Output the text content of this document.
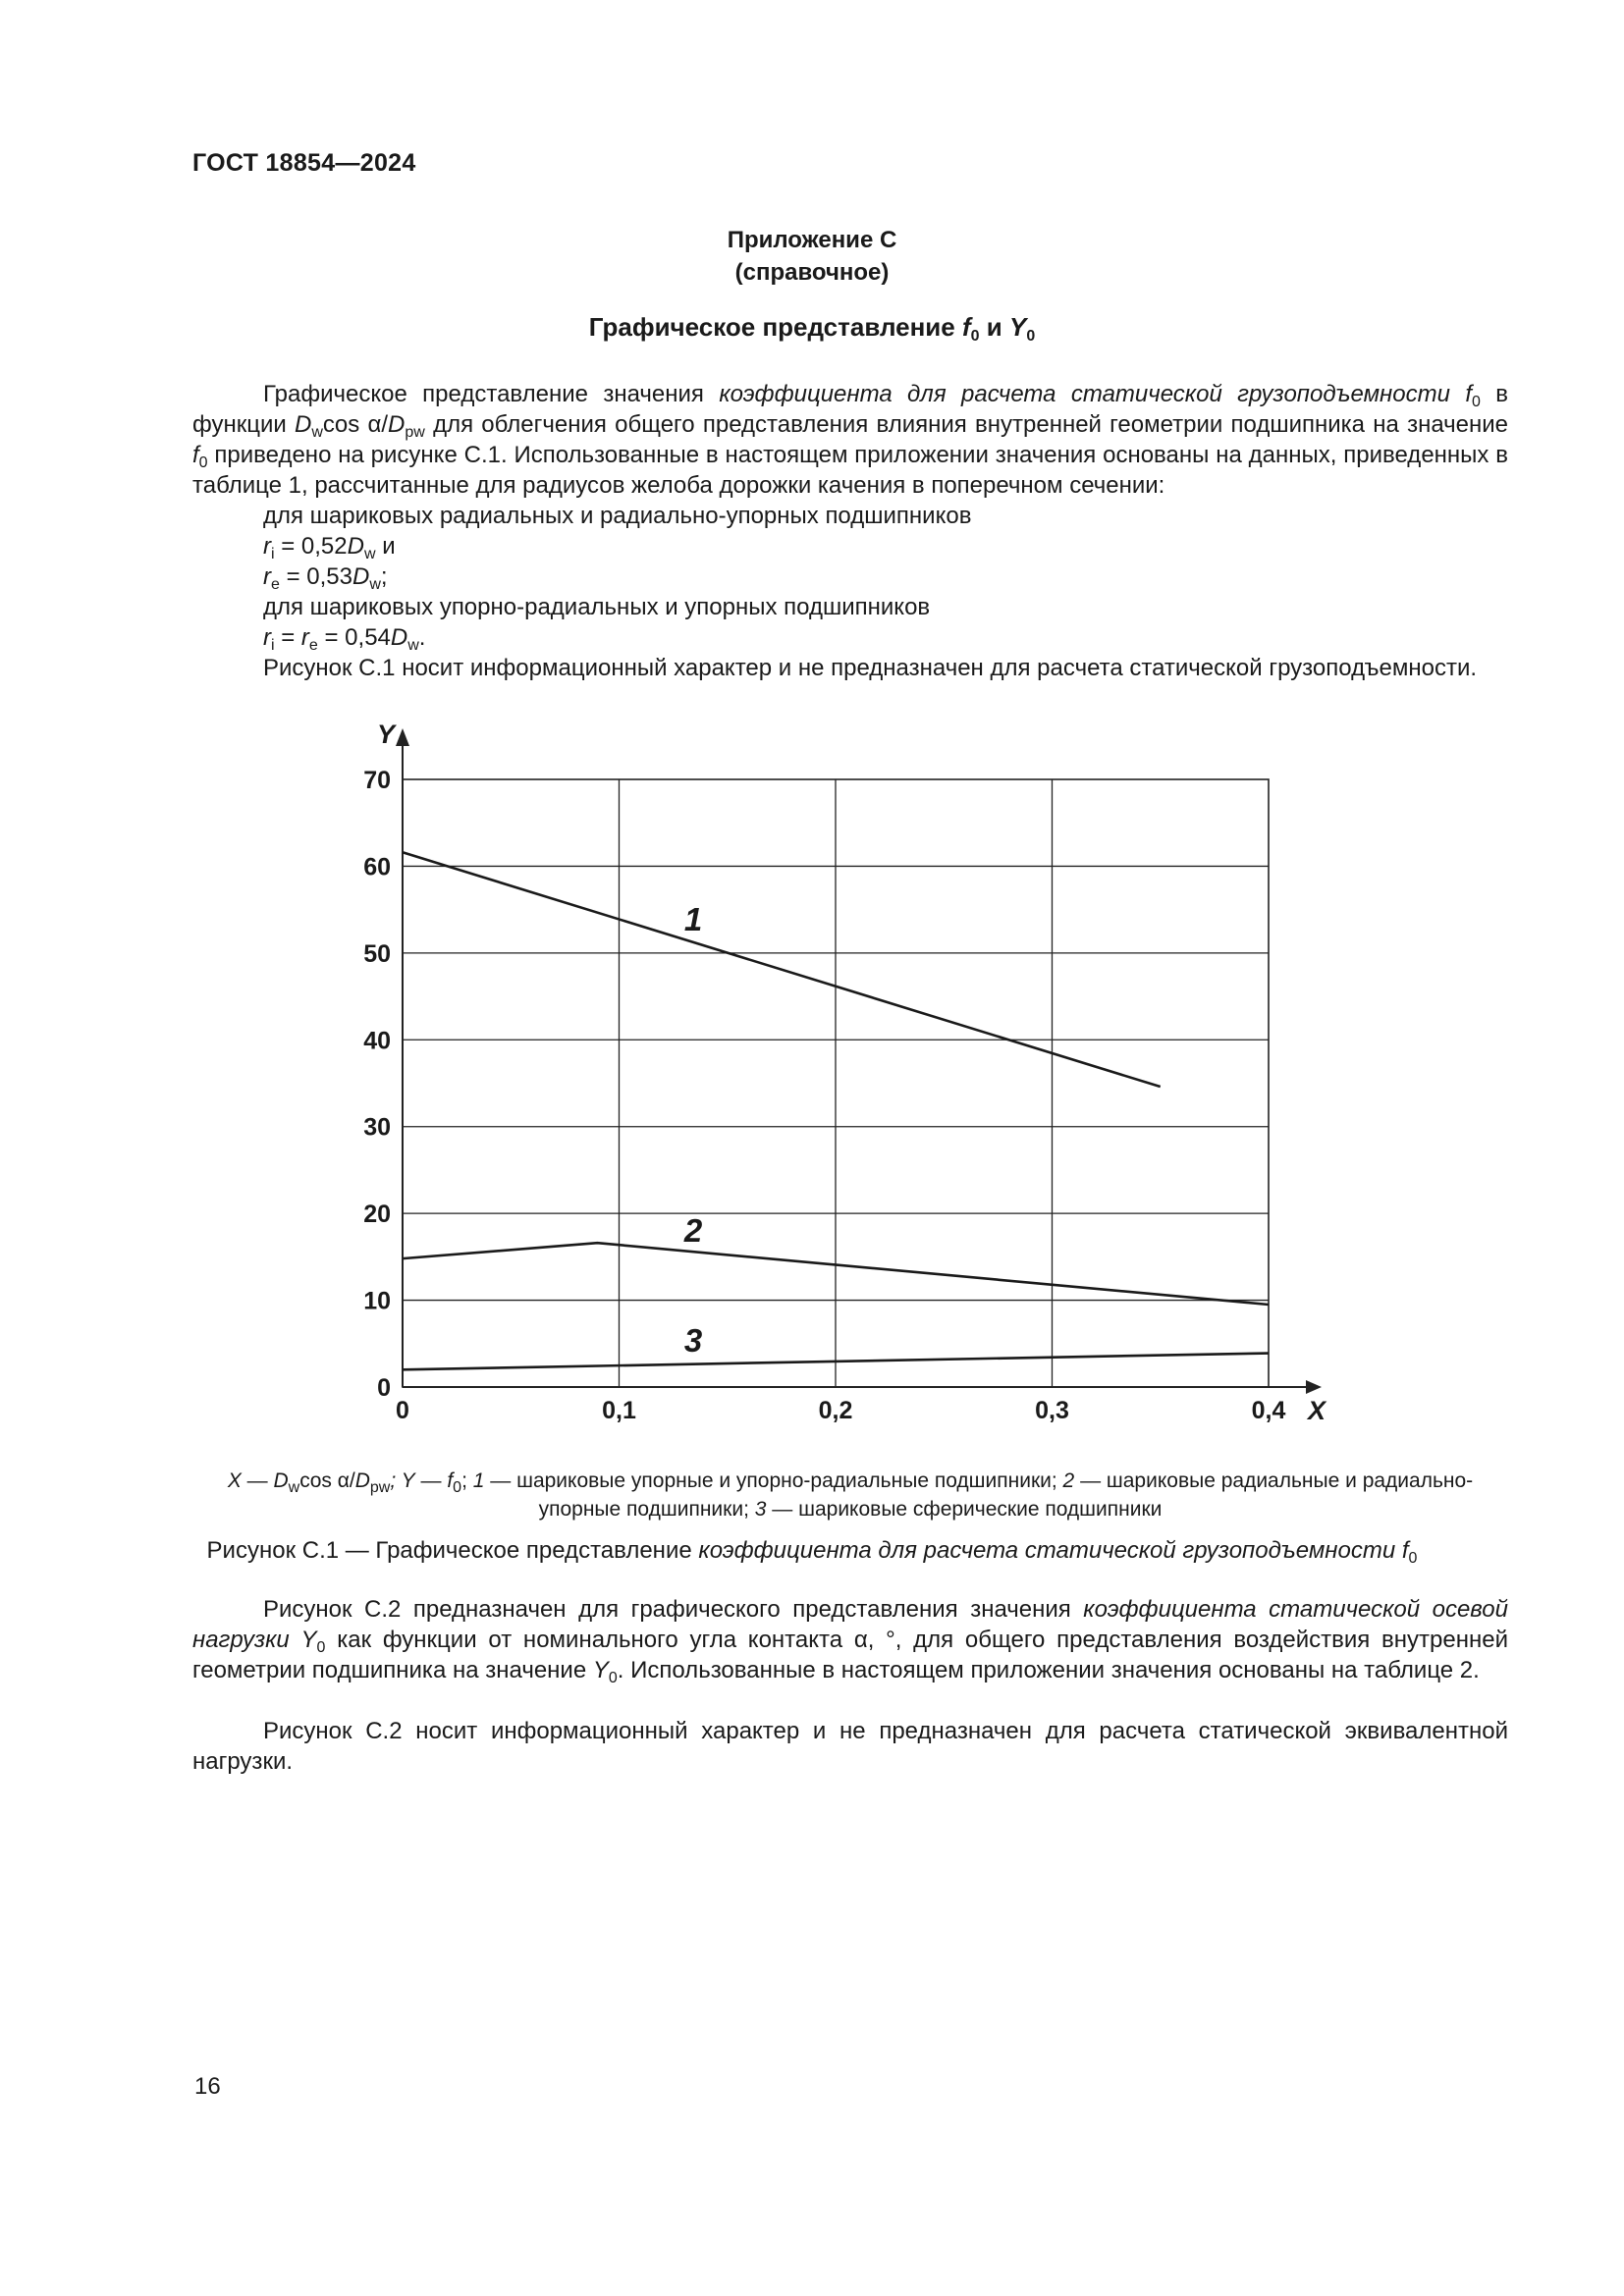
ГОСТ 18854—2024
Приложение С
(справочное)
Графическое представление $f_0$ и $Y_0$
Графическое представление значения коэффициента для расчета статической грузоподъемности $f_0$ в функции $D_w\cos$ $\alpha/D_{pw}$ для облегчения общего представления влияния внутренней геометрии подшипника на значение $f_0$ приведено на рисунке С.1. Использованные в настоящем приложении значения основаны на данных, приведенных в таблице 1, рассчитанные для радиусов желоба дорожки качения в поперечном сечении:
для шариковых радиальных и радиально-упорных подшипников
$r_i = 0,52D_w$ и
$r_e = 0,53D_w$;
для шариковых упорно-радиальных и упорных подшипников
$r_i = r_e = 0,54D_w$.
Рисунок С.1 носит информационный характер и не предназначен для расчета статической грузоподъемности.
X
Y
0
10
20
30
40
50
60
70
0	0,1	0,2	0,3	0,4
1
2
3
X — $D_w\cos$ $\alpha/D_{pw}$; Y — $f_0$; 1 — шариковые упорные и упорно-радиальные подшипники; 2 — шариковые радиальные и радиально-упорные подшипники; 3 — шариковые сферические подшипники
Рисунок С.1 — Графическое представление коэффициента для расчета статической грузоподъемности $f_0$
Рисунок С.2 предназначен для графического представления значения коэффициента статической осевой нагрузки $Y_0$ как функции от номинального угла контакта α, °, для общего представления воздействия внутренней геометрии подшипника на значение $Y_0$. Использованные в настоящем приложении значения основаны на таблице 2.
Рисунок С.2 носит информационный характер и не предназначен для расчета статической эквивалентной нагрузки.
16
